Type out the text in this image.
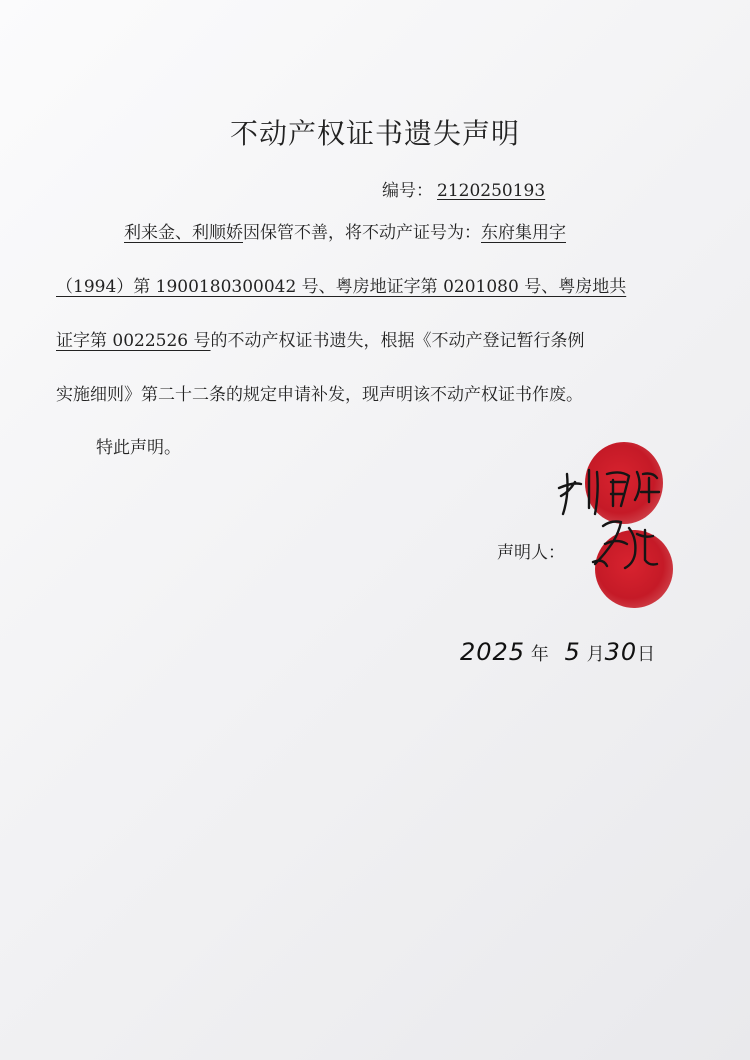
不动产权证书遗失声明
编号： 2120250193
利来金、利顺娇因保管不善，将不动产证号为：东府集用字
（1994）第 1900180300042 号、粤房地证字第 0201080 号、粤房地共
证字第 0022526 号的不动产权证书遗失，根据《不动产登记暂行条例
实施细则》第二十二条的规定申请补发，现声明该不动产权证书作废。
特此声明。
声明人：
2025 年 5 月30日
